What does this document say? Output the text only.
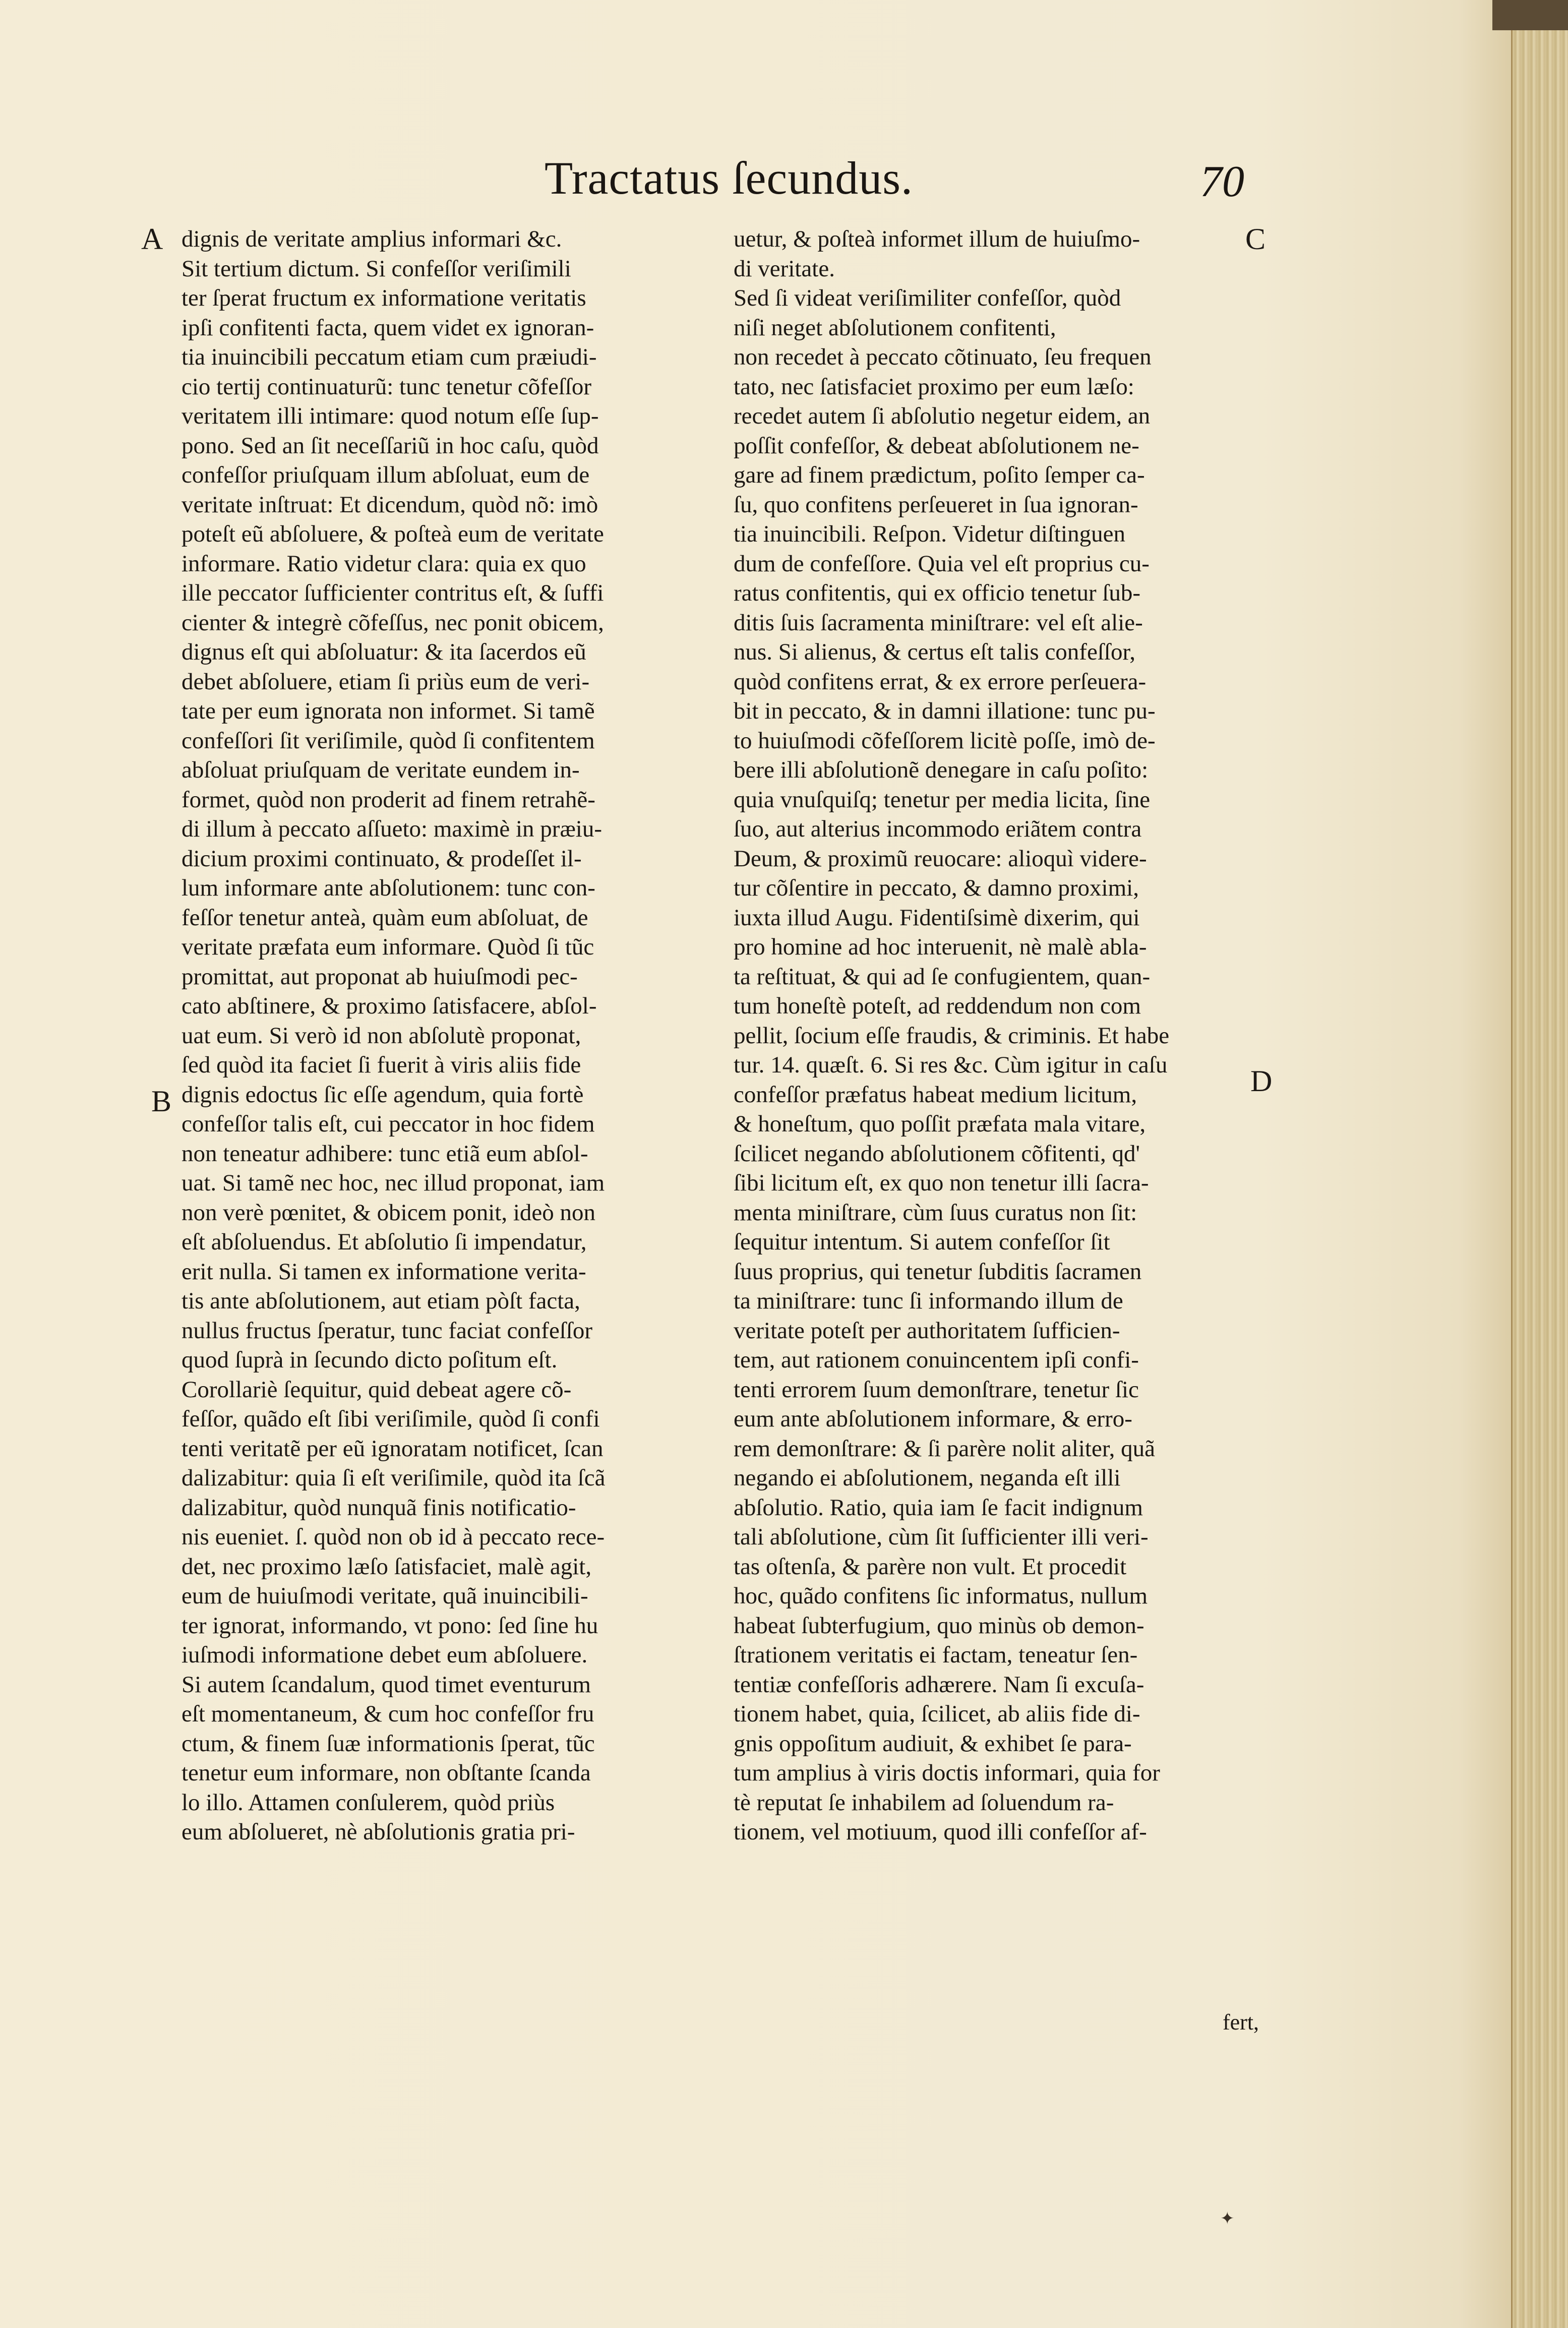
Tractatus ſecundus.	70
A
B
C
D
dignis de veritate amplius informari &c.
Sit tertium dictum. Si confeſſor veriſimili
ter ſperat fructum ex informatione veritatis
ipſi confitenti facta, quem videt ex ignoran-
tia inuincibili peccatum etiam cum præiudi-
cio tertij continuaturũ: tunc tenetur cõfeſſor
veritatem illi intimare: quod notum eſſe ſup-
pono. Sed an ſit neceſſariũ in hoc caſu, quòd
confeſſor priuſquam illum abſoluat, eum de
veritate inſtruat: Et dicendum, quòd nõ: imò
poteſt eũ abſoluere, & poſteà eum de veritate
informare. Ratio videtur clara: quia ex quo
ille peccator ſufficienter contritus eſt, & ſuffi
cienter & integrè cõfeſſus, nec ponit obicem,
dignus eſt qui abſoluatur: & ita ſacerdos eũ
debet abſoluere, etiam ſi priùs eum de veri-
tate per eum ignorata non informet. Si tamẽ
confeſſori ſit veriſimile, quòd ſi confitentem
abſoluat priuſquam de veritate eundem in-
formet, quòd non proderit ad finem retrahẽ-
di illum à peccato aſſueto: maximè in præiu-
dicium proximi continuato, & prodeſſet il-
lum informare ante abſolutionem: tunc con-
feſſor tenetur anteà, quàm eum abſoluat, de
veritate præfata eum informare. Quòd ſi tũc
promittat, aut proponat ab huiuſmodi pec-
cato abſtinere, & proximo ſatisfacere, abſol-
uat eum. Si verò id non abſolutè proponat,
ſed quòd ita faciet ſi fuerit à viris aliis fide
dignis edoctus ſic eſſe agendum, quia fortè
confeſſor talis eſt, cui peccator in hoc fidem
non teneatur adhibere: tunc etiã eum abſol-
uat. Si tamẽ nec hoc, nec illud proponat, iam
non verè pœnitet, & obicem ponit, ideò non
eſt abſoluendus. Et abſolutio ſi impendatur,
erit nulla. Si tamen ex informatione verita-
tis ante abſolutionem, aut etiam pòſt facta,
nullus fructus ſperatur, tunc faciat confeſſor
quod ſuprà in ſecundo dicto poſitum eſt.
Corollariè ſequitur, quid debeat agere cõ-
feſſor, quãdo eſt ſibi veriſimile, quòd ſi confi
tenti veritatẽ per eũ ignoratam notificet, ſcan
dalizabitur: quia ſi eſt veriſimile, quòd ita ſcã
dalizabitur, quòd nunquã finis notificatio-
nis eueniet. ſ. quòd non ob id à peccato rece-
det, nec proximo læſo ſatisfaciet, malè agit,
eum de huiuſmodi veritate, quã inuincibili-
ter ignorat, informando, vt pono: ſed ſine hu
iuſmodi informatione debet eum abſoluere.
Si autem ſcandalum, quod timet eventurum
eſt momentaneum, & cum hoc confeſſor fru
ctum, & finem ſuæ informationis ſperat, tũc
tenetur eum informare, non obſtante ſcanda
lo illo. Attamen conſulerem, quòd priùs
eum abſolueret, nè abſolutionis gratia pri-
uetur, & poſteà informet illum de huiuſmo-
di veritate.
Sed ſi videat veriſimiliter confeſſor, quòd
niſi neget abſolutionem confitenti,
non recedet à peccato cõtinuato, ſeu frequen
tato, nec ſatisfaciet proximo per eum læſo:
recedet autem ſi abſolutio negetur eidem, an
poſſit confeſſor, & debeat abſolutionem ne-
gare ad finem prædictum, poſito ſemper ca-
ſu, quo confitens perſeueret in ſua ignoran-
tia inuincibili. Reſpon. Videtur diſtinguen
dum de confeſſore. Quia vel eſt proprius cu-
ratus confitentis, qui ex officio tenetur ſub-
ditis ſuis ſacramenta miniſtrare: vel eſt alie-
nus. Si alienus, & certus eſt talis confeſſor,
quòd confitens errat, & ex errore perſeuera-
bit in peccato, & in damni illatione: tunc pu-
to huiuſmodi cõfeſſorem licitè poſſe, imò de-
bere illi abſolutionẽ denegare in caſu poſito:
quia vnuſquiſq; tenetur per media licita, ſine
ſuo, aut alterius incommodo eriãtem contra
Deum, & proximũ reuocare: alioquì videre-
tur cõſentire in peccato, & damno proximi,
iuxta illud Augu. Fidentiſsimè dixerim, qui
pro homine ad hoc interuenit, nè malè abla-
ta reſtituat, & qui ad ſe confugientem, quan-
tum honeſtè poteſt, ad reddendum non com
pellit, ſocium eſſe fraudis, & criminis. Et habe
tur. 14. quæſt. 6. Si res &c. Cùm igitur in caſu
confeſſor præfatus habeat medium licitum,
& honeſtum, quo poſſit præfata mala vitare,
ſcilicet negando abſolutionem cõfitenti, qd'
ſibi licitum eſt, ex quo non tenetur illi ſacra-
menta miniſtrare, cùm ſuus curatus non ſit:
ſequitur intentum. Si autem confeſſor ſit
ſuus proprius, qui tenetur ſubditis ſacramen
ta miniſtrare: tunc ſi informando illum de
veritate poteſt per authoritatem ſufficien-
tem, aut rationem conuincentem ipſi confi-
tenti errorem ſuum demonſtrare, tenetur ſic
eum ante abſolutionem informare, & erro-
rem demonſtrare: & ſi parère nolit aliter, quã
negando ei abſolutionem, neganda eſt illi
abſolutio. Ratio, quia iam ſe facit indignum
tali abſolutione, cùm ſit ſufficienter illi veri-
tas oſtenſa, & parère non vult. Et procedit
hoc, quãdo confitens ſic informatus, nullum
habeat ſubterfugium, quo minùs ob demon-
ſtrationem veritatis ei factam, teneatur ſen-
tentiæ confeſſoris adhærere. Nam ſi excuſa-
tionem habet, quia, ſcilicet, ab aliis fide di-
gnis oppoſitum audiuit, & exhibet ſe para-
tum amplius à viris doctis informari, quia for
tè reputat ſe inhabilem ad ſoluendum ra-
tionem, vel motiuum, quod illi confeſſor af-
fert,
✦
